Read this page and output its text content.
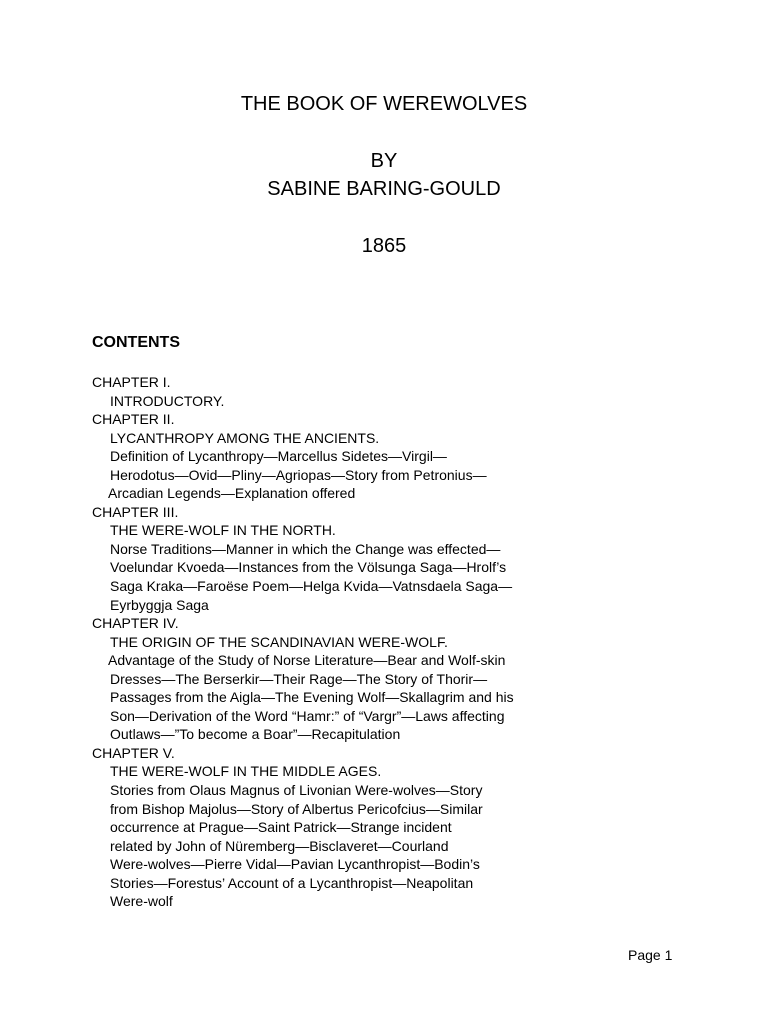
THE BOOK OF WEREWOLVES
BY
SABINE BARING-GOULD
1865
CONTENTS
CHAPTER I.
INTRODUCTORY.
CHAPTER II.
LYCANTHROPY AMONG THE ANCIENTS.
Definition of Lycanthropy—Marcellus Sidetes—Virgil—
Herodotus—Ovid—Pliny—Agriopas—Story from Petronius—
Arcadian Legends—Explanation offered
CHAPTER III.
THE WERE-WOLF IN THE NORTH.
Norse Traditions—Manner in which the Change was effected—
Voelundar Kvoeda—Instances from the Völsunga Saga—Hrolf’s
Saga Kraka—Faroëse Poem—Helga Kvida—Vatnsdaela Saga—
Eyrbyggja Saga
CHAPTER IV.
THE ORIGIN OF THE SCANDINAVIAN WERE-WOLF.
Advantage of the Study of Norse Literature—Bear and Wolf-skin
Dresses—The Berserkir—Their Rage—The Story of Thorir—
Passages from the Aigla—The Evening Wolf—Skallagrim and his
Son—Derivation of the Word “Hamr:” of “Vargr”—Laws affecting
Outlaws—”To become a Boar”—Recapitulation
CHAPTER V.
THE WERE-WOLF IN THE MIDDLE AGES.
Stories from Olaus Magnus of Livonian Were-wolves—Story
from Bishop Majolus—Story of Albertus Pericofcius—Similar
occurrence at Prague—Saint Patrick—Strange incident
related by John of Nüremberg—Bisclaveret—Courland
Were-wolves—Pierre Vidal—Pavian Lycanthropist—Bodin’s
Stories—Forestus’ Account of a Lycanthropist—Neapolitan
Were-wolf
Page 1
